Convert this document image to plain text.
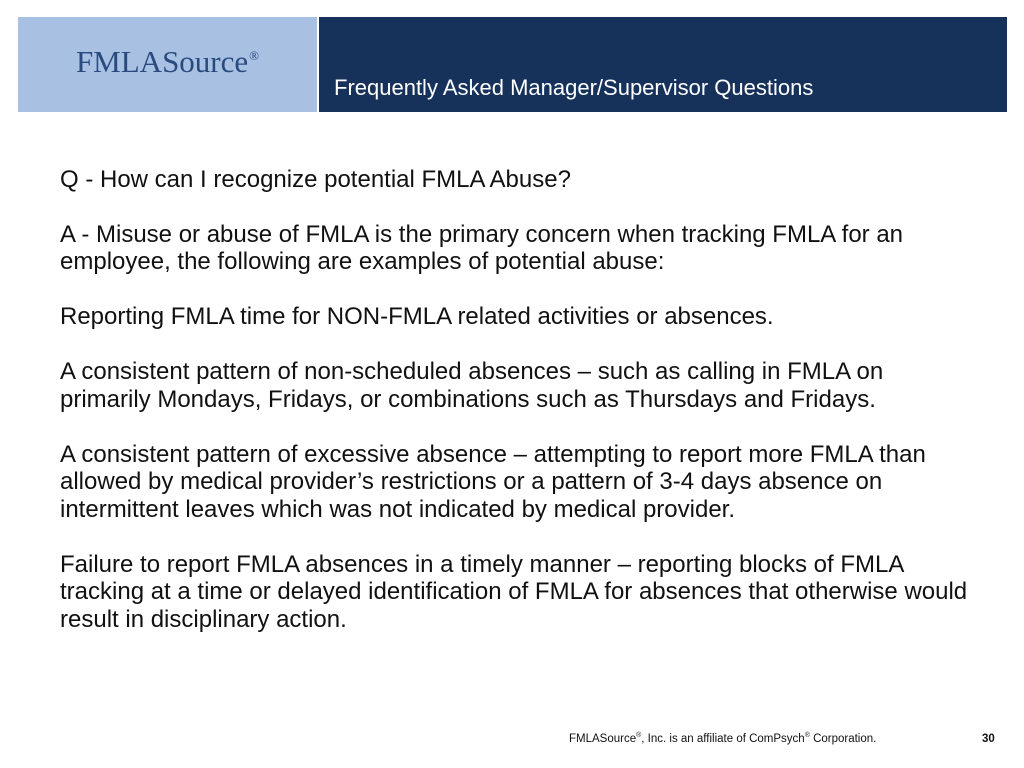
FMLASource®
Frequently Asked Manager/Supervisor Questions

Q - How can I recognize potential FMLA Abuse?

A - Misuse or abuse of FMLA is the primary concern when tracking FMLA for an employee, the following are examples of potential abuse:

Reporting FMLA time for NON-FMLA related activities or absences.

A consistent pattern of non-scheduled absences – such as calling in FMLA on primarily Mondays, Fridays, or combinations such as Thursdays and Fridays.

A consistent pattern of excessive absence – attempting to report more FMLA than allowed by medical provider’s restrictions or a pattern of 3-4 days absence on intermittent leaves which was not indicated by medical provider.

Failure to report FMLA absences in a timely manner – reporting blocks of FMLA tracking at a time or delayed identification of FMLA for absences that otherwise would result in disciplinary action.

FMLASource®, Inc. is an affiliate of ComPsych® Corporation.	30
